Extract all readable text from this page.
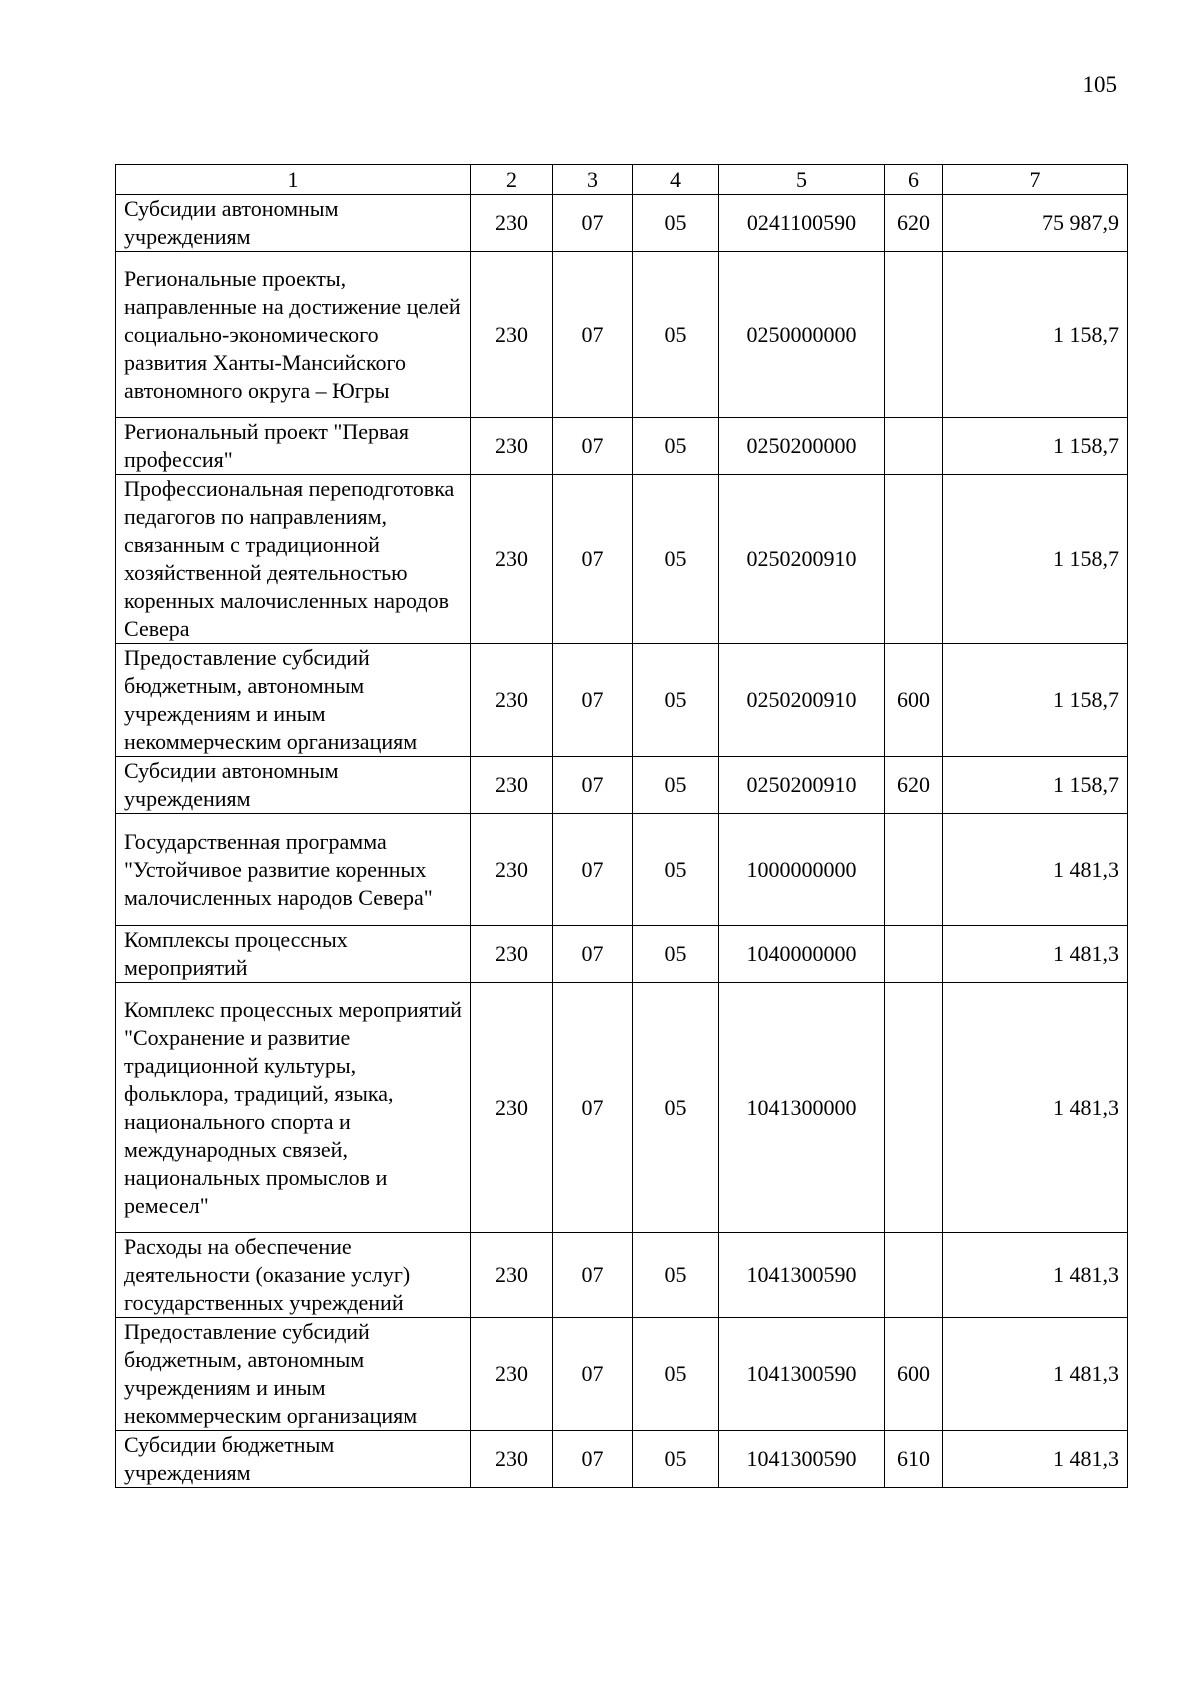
105
1	2	3	4	5	6	7
Субсидии автономным учреждениям	230	07	05	0241100590	620	75 987,9
Региональные проекты, направленные на достижение целей социально-экономического развития Ханты-Мансийского автономного округа – Югры	230	07	05	0250000000		1 158,7
Региональный проект "Первая профессия"	230	07	05	0250200000		1 158,7
Профессиональная переподготовка педагогов по направлениям, связанным с традиционной хозяйственной деятельностью коренных малочисленных народов Севера	230	07	05	0250200910		1 158,7
Предоставление субсидий бюджетным, автономным учреждениям и иным некоммерческим организациям	230	07	05	0250200910	600	1 158,7
Субсидии автономным учреждениям	230	07	05	0250200910	620	1 158,7
Государственная программа "Устойчивое развитие коренных малочисленных народов Севера"	230	07	05	1000000000		1 481,3
Комплексы процессных мероприятий	230	07	05	1040000000		1 481,3
Комплекс процессных мероприятий "Сохранение и развитие традиционной культуры, фольклора, традиций, языка, национального спорта и международных связей, национальных промыслов и ремесел"	230	07	05	1041300000		1 481,3
Расходы на обеспечение деятельности (оказание услуг) государственных учреждений	230	07	05	1041300590		1 481,3
Предоставление субсидий бюджетным, автономным учреждениям и иным некоммерческим организациям	230	07	05	1041300590	600	1 481,3
Субсидии бюджетным учреждениям	230	07	05	1041300590	610	1 481,3
